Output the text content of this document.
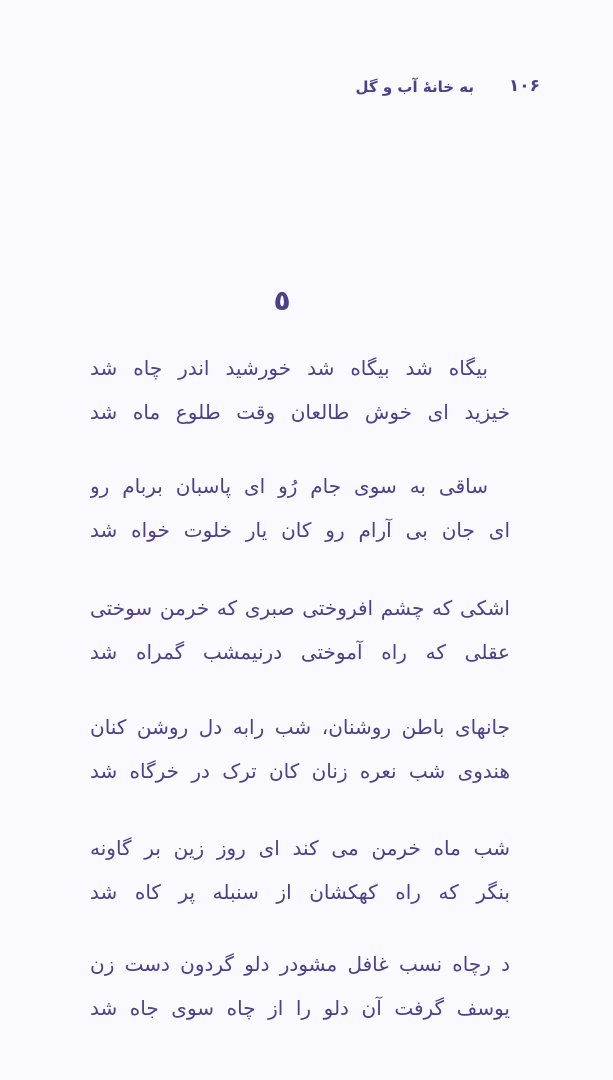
۱۰۶
به خانهٔ آب و گل
٥
بیگاه شد بیگاه شد خورشید اندر چاه شد
خیزید ای خوش طالعان وقت طلوع ماه شد
ساقی به سوی جام رُو ای پاسبان بربام رو
ای جان بی آرام رو کان یار خلوت خواه شد
اشکی که چشم افروختی صبری که خرمن سوختی
عقلی که راه آموختی درنیمشب گمراه شد
جانهای باطن روشنان، شب رابه دل روشن کنان
هندوی شب نعره زنان کان ترک در خرگاه شد
شب ماه خرمن می کند ای روز زین بر گاونه
بنگر که راه کهکشان از سنبله پر کاه شد
د رچاه نسب غافل مشودر دلو گردون دست زن
یوسف گرفت آن دلو را از چاه سوی جاه شد
